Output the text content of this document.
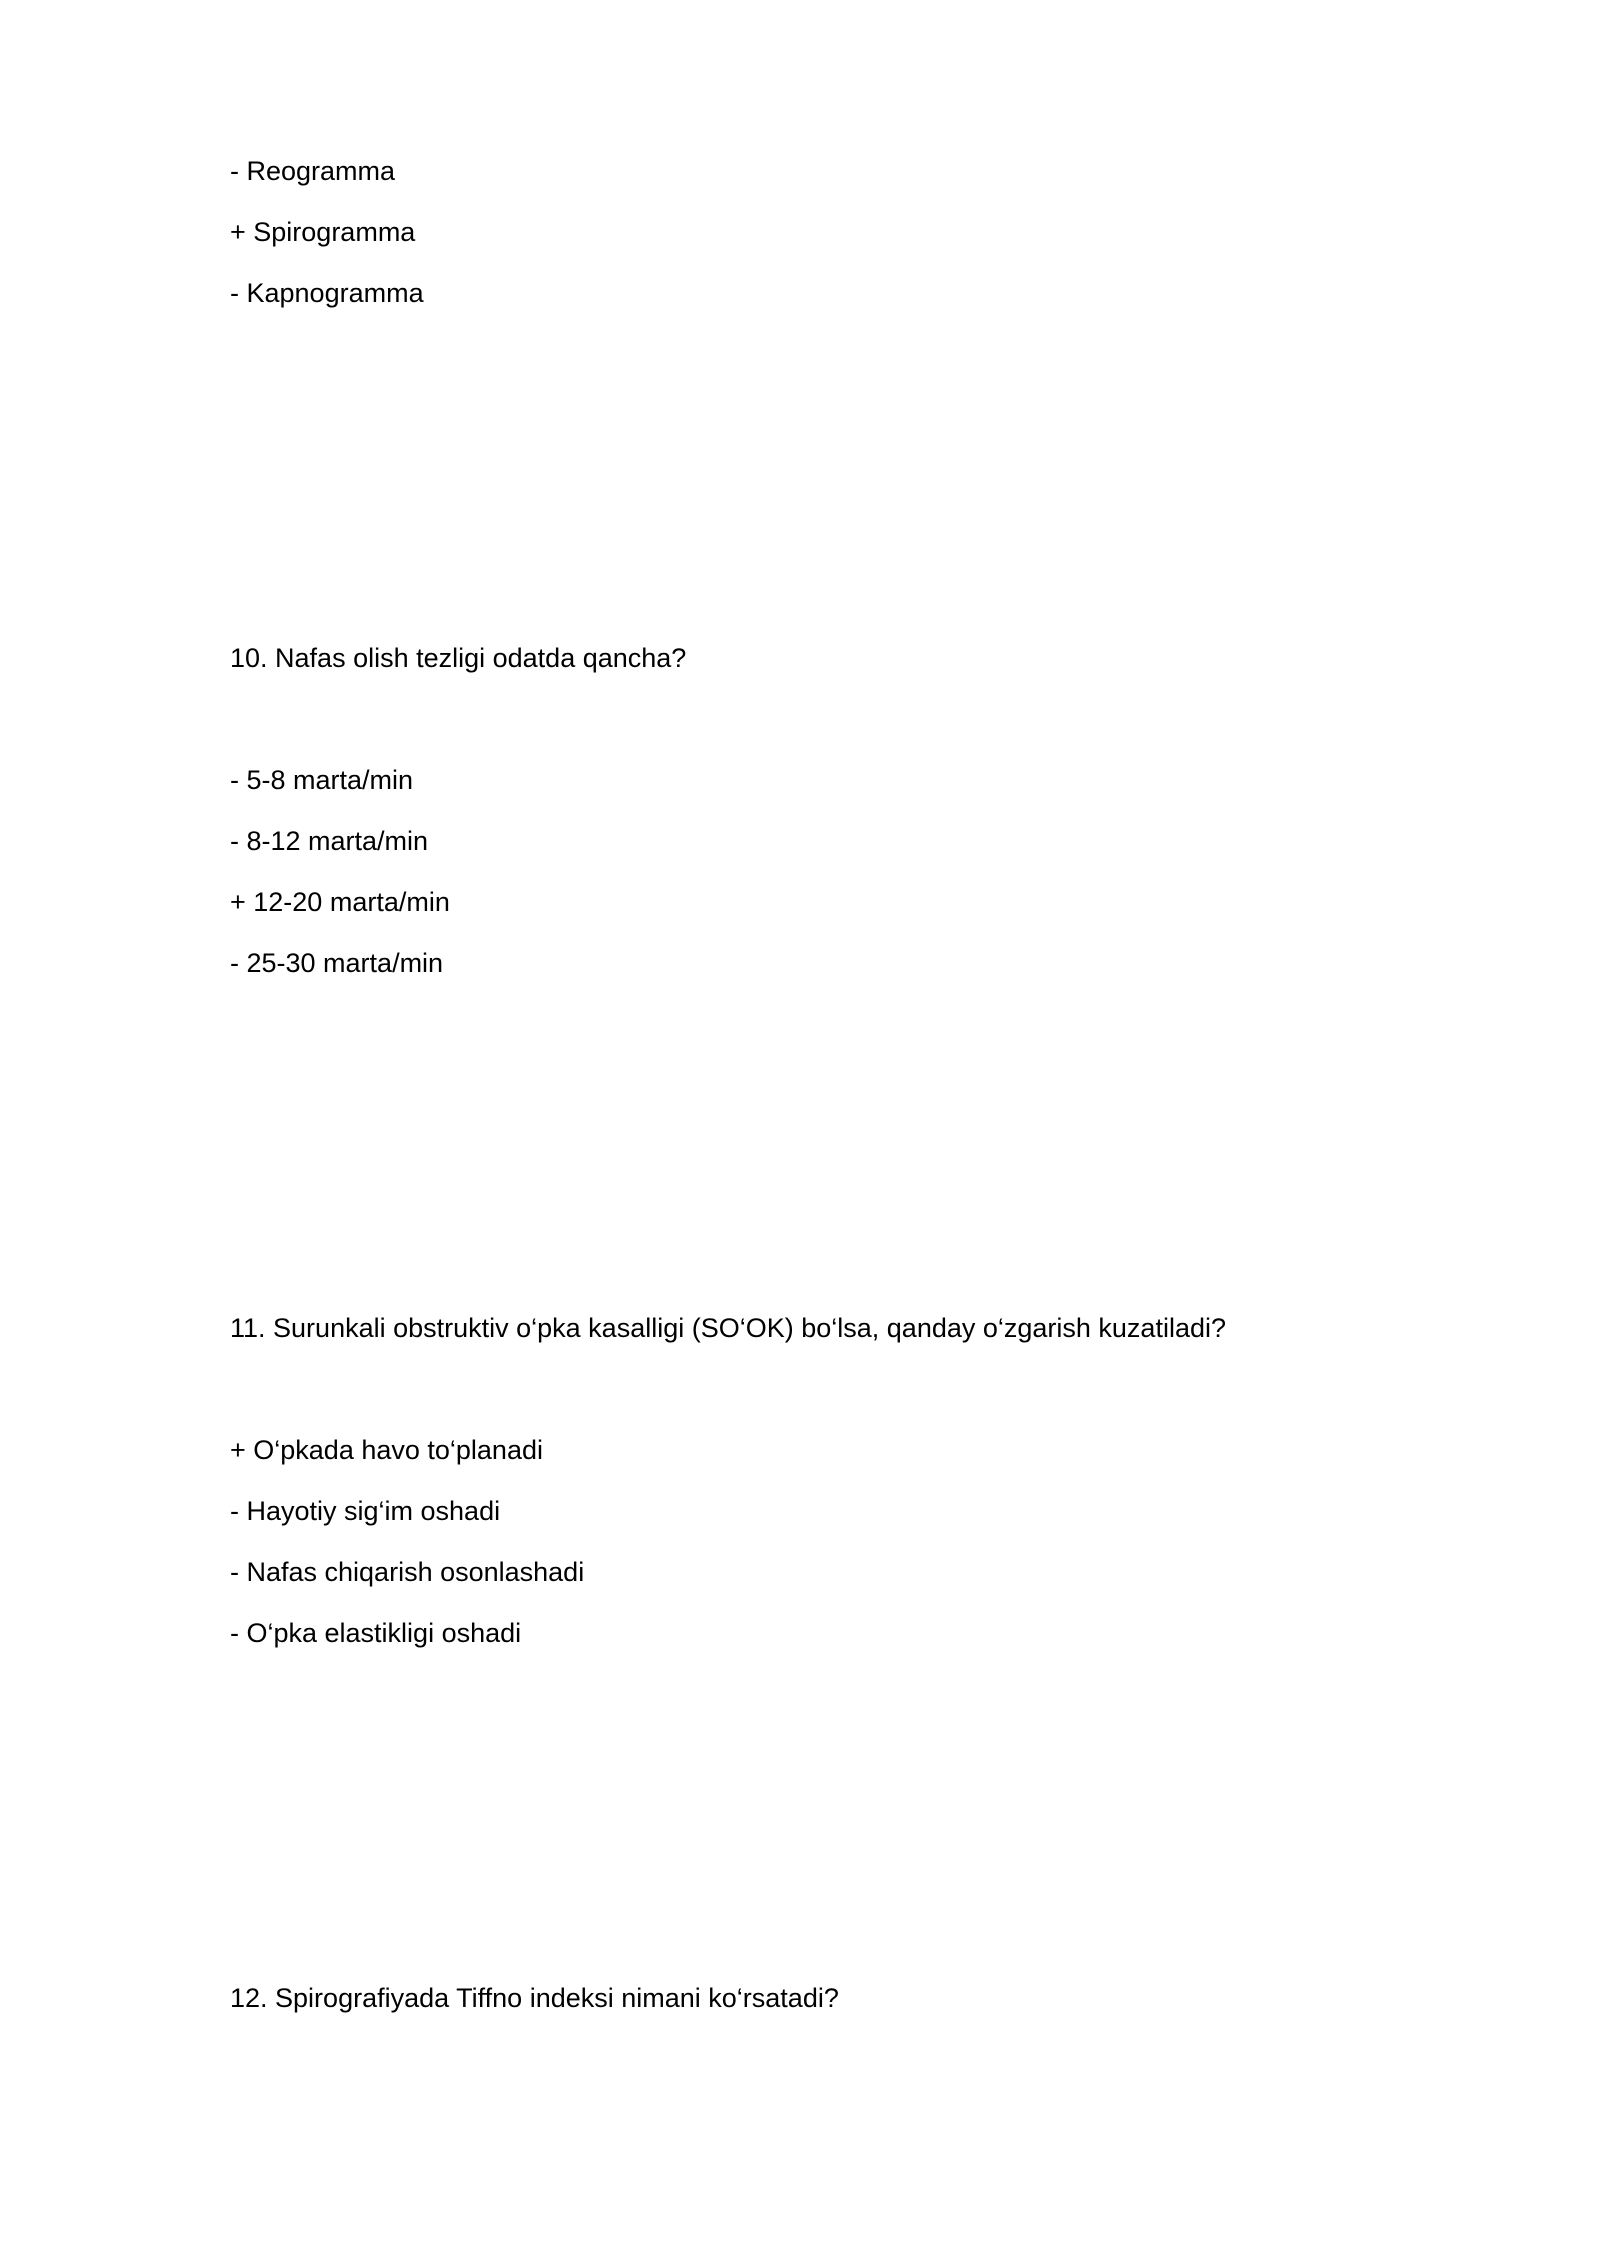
- Reogramma
+ Spirogramma
- Kapnogramma
10. Nafas olish tezligi odatda qancha?
- 5-8 marta/min
- 8-12 marta/min
+ 12-20 marta/min
- 25-30 marta/min
11. Surunkali obstruktiv o‘pka kasalligi (SO‘OK) bo‘lsa, qanday o‘zgarish kuzatiladi?
+ O‘pkada havo to‘planadi
- Hayotiy sig‘im oshadi
- Nafas chiqarish osonlashadi
- O‘pka elastikligi oshadi
12. Spirografiyada Tiffno indeksi nimani ko‘rsatadi?
